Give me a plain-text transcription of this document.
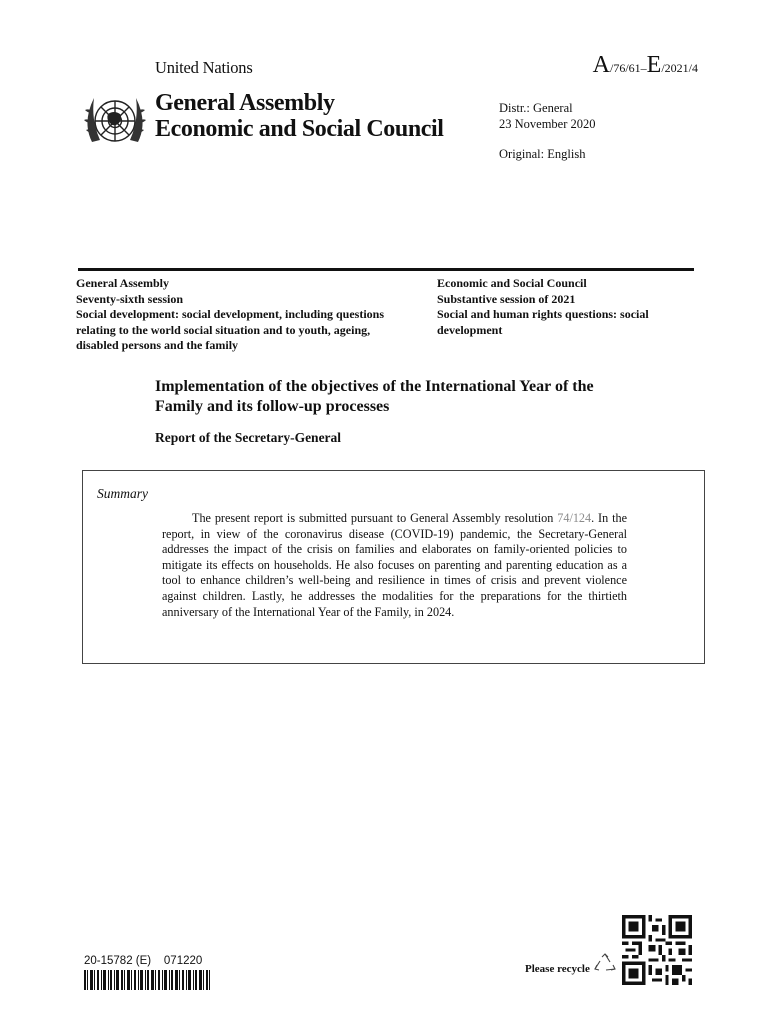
United Nations	A/76/61–E/2021/4
General Assembly
Economic and Social Council
Distr.: General
23 November 2020
Original: English
General Assembly
Seventy-sixth session
Social development: social development, including questions relating to the world social situation and to youth, ageing, disabled persons and the family
Economic and Social Council
Substantive session of 2021
Social and human rights questions: social development
Implementation of the objectives of the International Year of the Family and its follow-up processes
Report of the Secretary-General
Summary
The present report is submitted pursuant to General Assembly resolution 74/124. In the report, in view of the coronavirus disease (COVID-19) pandemic, the Secretary-General addresses the impact of the crisis on families and elaborates on family-oriented policies to mitigate its effects on households. He also focuses on parenting and parenting education as a tool to enhance children’s well-being and resilience in times of crisis and prevent violence against children. Lastly, he addresses the modalities for the preparations for the thirtieth anniversary of the International Year of the Family, in 2024.
20-15782 (E)    071220
Please recycle
